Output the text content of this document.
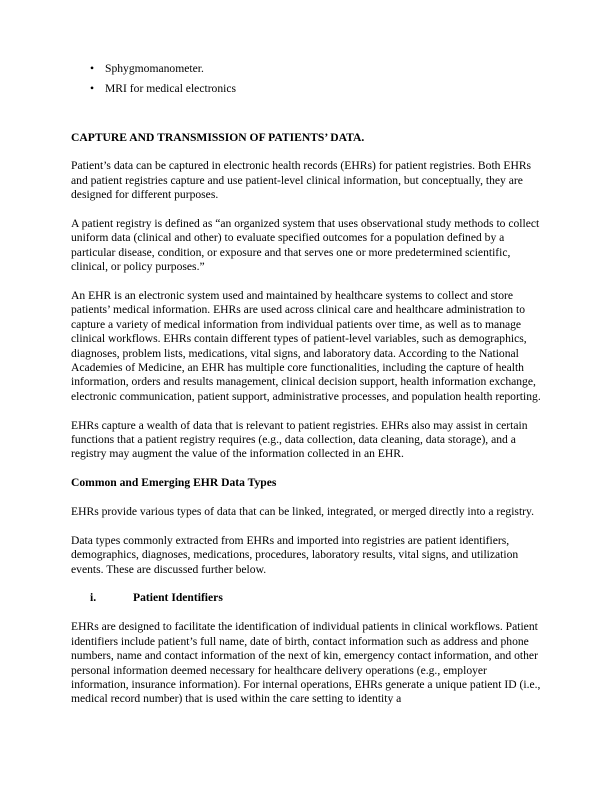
• Sphygmomanometer.
• MRI for medical electronics
CAPTURE AND TRANSMISSION OF PATIENTS’ DATA.

Patient’s data can be captured in electronic health records (EHRs) for patient registries. Both EHRs and patient registries capture and use patient-level clinical information, but conceptually, they are designed for different purposes.

A patient registry is defined as “an organized system that uses observational study methods to collect uniform data (clinical and other) to evaluate specified outcomes for a population defined by a particular disease, condition, or exposure and that serves one or more predetermined scientific, clinical, or policy purposes.”

An EHR is an electronic system used and maintained by healthcare systems to collect and store patients’ medical information. EHRs are used across clinical care and healthcare administration to capture a variety of medical information from individual patients over time, as well as to manage clinical workflows. EHRs contain different types of patient-level variables, such as demographics, diagnoses, problem lists, medications, vital signs, and laboratory data. According to the National Academies of Medicine, an EHR has multiple core functionalities, including the capture of health information, orders and results management, clinical decision support, health information exchange, electronic communication, patient support, administrative processes, and population health reporting.

EHRs capture a wealth of data that is relevant to patient registries. EHRs also may assist in certain functions that a patient registry requires (e.g., data collection, data cleaning, data storage), and a registry may augment the value of the information collected in an EHR.

Common and Emerging EHR Data Types

EHRs provide various types of data that can be linked, integrated, or merged directly into a registry.

Data types commonly extracted from EHRs and imported into registries are patient identifiers, demographics, diagnoses, medications, procedures, laboratory results, vital signs, and utilization events. These are discussed further below.

i.	Patient Identifiers

EHRs are designed to facilitate the identification of individual patients in clinical workflows. Patient identifiers include patient’s full name, date of birth, contact information such as address and phone numbers, name and contact information of the next of kin, emergency contact information, and other personal information deemed necessary for healthcare delivery operations (e.g., employer information, insurance information). For internal operations, EHRs generate a unique patient ID (i.e., medical record number) that is used within the care setting to identity a
